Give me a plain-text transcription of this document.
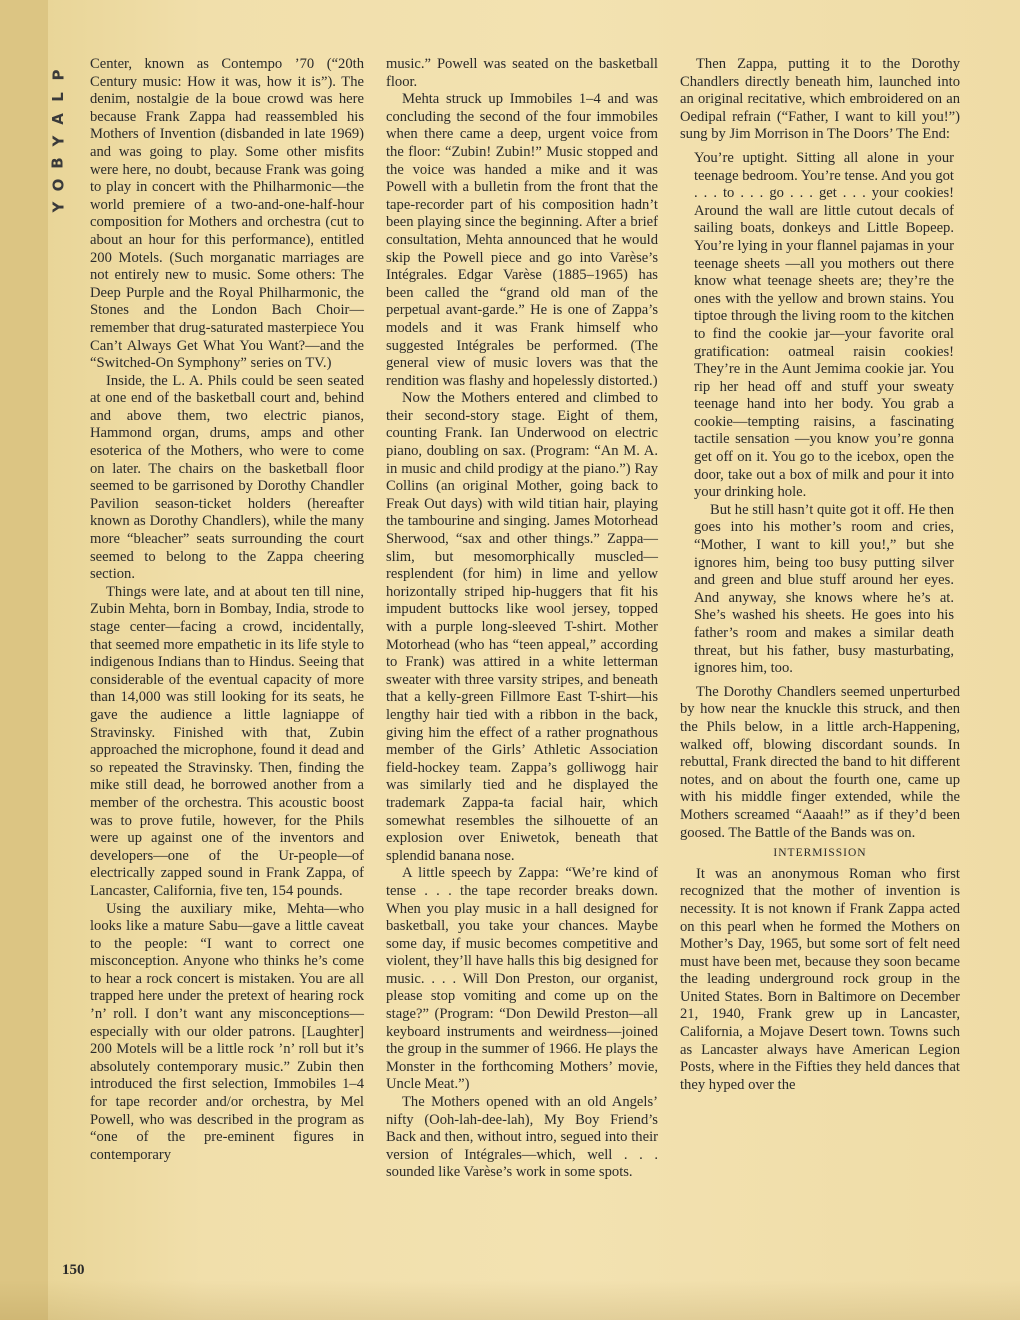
P
L
A
Y
B
O
Y

Center, known as Contempo ’70 (“20th Century music: How it was, how it is”). The denim, nostalgie de la boue crowd was here because Frank Zappa had reassembled his Mothers of Invention (disbanded in late 1969) and was going to play. Some other misfits were here, no doubt, because Frank was going to play in concert with the Philharmonic—the world premiere of a two-and-one-half-hour composition for Mothers and orchestra (cut to about an hour for this performance), entitled 200 Motels. (Such morganatic marriages are not entirely new to music. Some others: The Deep Purple and the Royal Philharmonic, the Stones and the London Bach Choir—remember that drug-saturated masterpiece You Can’t Always Get What You Want?—and the “Switched-On Symphony” series on TV.)

Inside, the L. A. Phils could be seen seated at one end of the basketball court and, behind and above them, two electric pianos, Hammond organ, drums, amps and other esoterica of the Mothers, who were to come on later. The chairs on the basketball floor seemed to be garrisoned by Dorothy Chandler Pavilion season-ticket holders (hereafter known as Dorothy Chandlers), while the many more “bleacher” seats surrounding the court seemed to belong to the Zappa cheering section.

Things were late, and at about ten till nine, Zubin Mehta, born in Bombay, India, strode to stage center—facing a crowd, incidentally, that seemed more empathetic in its life style to indigenous Indians than to Hindus. Seeing that considerable of the eventual capacity of more than 14,000 was still looking for its seats, he gave the audience a little lagniappe of Stravinsky. Finished with that, Zubin approached the microphone, found it dead and so repeated the Stravinsky. Then, finding the mike still dead, he borrowed another from a member of the orchestra. This acoustic boost was to prove futile, however, for the Phils were up against one of the inventors and developers—one of the Ur-people—of electrically zapped sound in Frank Zappa, of Lancaster, California, five ten, 154 pounds.

Using the auxiliary mike, Mehta—who looks like a mature Sabu—gave a little caveat to the people: “I want to correct one misconception. Anyone who thinks he’s come to hear a rock concert is mistaken. You are all trapped here under the pretext of hearing rock ’n’ roll. I don’t want any misconceptions—especially with our older patrons. [Laughter] 200 Motels will be a little rock ’n’ roll but it’s absolutely contemporary music.” Zubin then introduced the first selection, Immobiles 1–4 for tape recorder and/or orchestra, by Mel Powell, who was described in the program as “one of the pre-eminent figures in contemporary

music.” Powell was seated on the basketball floor.

Mehta struck up Immobiles 1–4 and was concluding the second of the four immobiles when there came a deep, urgent voice from the floor: “Zubin! Zubin!” Music stopped and the voice was handed a mike and it was Powell with a bulletin from the front that the tape-recorder part of his composition hadn’t been playing since the beginning. After a brief consultation, Mehta announced that he would skip the Powell piece and go into Varèse’s Intégrales. Edgar Varèse (1885–1965) has been called the “grand old man of the perpetual avant-garde.” He is one of Zappa’s models and it was Frank himself who suggested Intégrales be performed. (The general view of music lovers was that the rendition was flashy and hopelessly distorted.)

Now the Mothers entered and climbed to their second-story stage. Eight of them, counting Frank. Ian Underwood on electric piano, doubling on sax. (Program: “An M. A. in music and child prodigy at the piano.”) Ray Collins (an original Mother, going back to Freak Out days) with wild titian hair, playing the tambourine and singing. James Motorhead Sherwood, “sax and other things.” Zappa—slim, but mesomorphically muscled—resplendent (for him) in lime and yellow horizontally striped hip-huggers that fit his impudent buttocks like wool jersey, topped with a purple long-sleeved T-shirt. Mother Motorhead (who has “teen appeal,” according to Frank) was attired in a white letterman sweater with three varsity stripes, and beneath that a kelly-green Fillmore East T-shirt—his lengthy hair tied with a ribbon in the back, giving him the effect of a rather prognathous member of the Girls’ Athletic Association field-hockey team. Zappa’s golliwogg hair was similarly tied and he displayed the trademark Zappa-ta facial hair, which somewhat resembles the silhouette of an explosion over Eniwetok, beneath that splendid banana nose.

A little speech by Zappa: “We’re kind of tense . . . the tape recorder breaks down. When you play music in a hall designed for basketball, you take your chances. Maybe some day, if music becomes competitive and violent, they’ll have halls this big designed for music. . . . Will Don Preston, our organist, please stop vomiting and come up on the stage?” (Program: “Don Dewild Preston—all keyboard instruments and weirdness—joined the group in the summer of 1966. He plays the Monster in the forthcoming Mothers’ movie, Uncle Meat.”)

The Mothers opened with an old Angels’ nifty (Ooh-lah-dee-lah), My Boy Friend’s Back and then, without intro, segued into their version of Intégrales—which, well . . . sounded like Varèse’s work in some spots.

Then Zappa, putting it to the Dorothy Chandlers directly beneath him, launched into an original recitative, which embroidered on an Oedipal refrain (“Father, I want to kill you!”) sung by Jim Morrison in The Doors’ The End:

You’re uptight. Sitting all alone in your teenage bedroom. You’re tense. And you got . . . to . . . go . . . get . . . your cookies! Around the wall are little cutout decals of sailing boats, donkeys and Little Bopeep. You’re lying in your flannel pajamas in your teenage sheets —all you mothers out there know what teenage sheets are; they’re the ones with the yellow and brown stains. You tiptoe through the living room to the kitchen to find the cookie jar—your favorite oral gratification: oatmeal raisin cookies! They’re in the Aunt Jemima cookie jar. You rip her head off and stuff your sweaty teenage hand into her body. You grab a cookie—tempting raisins, a fascinating tactile sensation —you know you’re gonna get off on it. You go to the icebox, open the door, take out a box of milk and pour it into your drinking hole.

But he still hasn’t quite got it off. He then goes into his mother’s room and cries, “Mother, I want to kill you!,” but she ignores him, being too busy putting silver and green and blue stuff around her eyes. And anyway, she knows where he’s at. She’s washed his sheets. He goes into his father’s room and makes a similar death threat, but his father, busy masturbating, ignores him, too.

The Dorothy Chandlers seemed unperturbed by how near the knuckle this struck, and then the Phils below, in a little arch-Happening, walked off, blowing discordant sounds. In rebuttal, Frank directed the band to hit different notes, and on about the fourth one, came up with his middle finger extended, while the Mothers screamed “Aaaah!” as if they’d been goosed. The Battle of the Bands was on.

INTERMISSION

It was an anonymous Roman who first recognized that the mother of invention is necessity. It is not known if Frank Zappa acted on this pearl when he formed the Mothers on Mother’s Day, 1965, but some sort of felt need must have been met, because they soon became the leading underground rock group in the United States. Born in Baltimore on December 21, 1940, Frank grew up in Lancaster, California, a Mojave Desert town. Towns such as Lancaster always have American Legion Posts, where in the Fifties they held dances that they hyped over the

150
